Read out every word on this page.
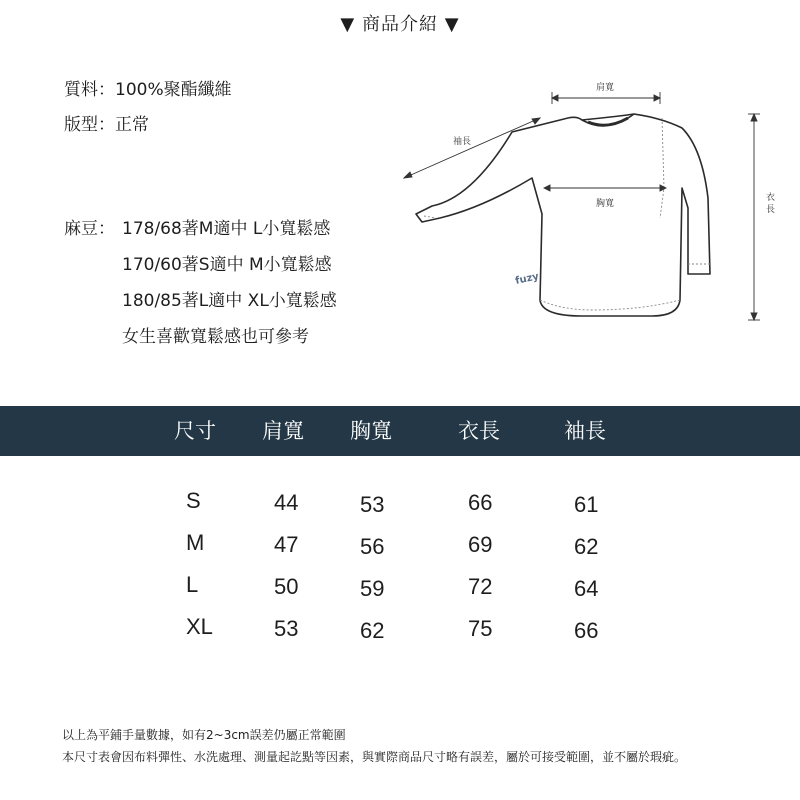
▼ 商品介紹 ▼
質料：100%聚酯纖維
版型：正常
麻豆： 178/68著M適中 L小寬鬆感
170/60著S適中 M小寬鬆感
180/85著L適中 XL小寬鬆感
女生喜歡寬鬆感也可參考
肩寬
袖長
胸寬
衣
長
fuzy
尺寸 肩寬 胸寬	衣長	袖長
S	44	53	66	61
M	47	56	69	62
L	50	59	72	64
XL	53	62	75	66
以上為平鋪手量數據，如有2~3cm誤差仍屬正常範圍
本尺寸表會因布料彈性、水洗處理、測量起訖點等因素，與實際商品尺寸略有誤差，屬於可接受範圍，並不屬於瑕疵。
